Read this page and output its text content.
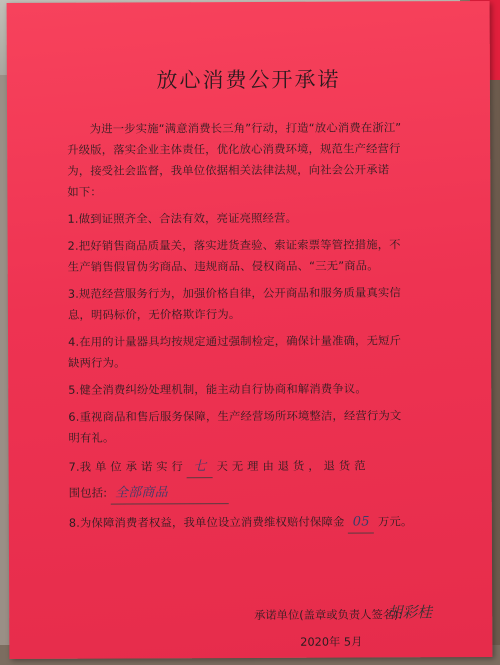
放心消费公开承诺

为进一步实施“满意消费长三角”行动，打造“放心消费在浙江”

升级版，落实企业主体责任，优化放心消费环境，规范生产经营行

为，接受社会监督，我单位依据相关法律法规，向社会公开承诺

如下：

1.做到证照齐全、合法有效，亮证亮照经营。

2.把好销售商品质量关，落实进货查验、索证索票等管控措施，不

生产销售假冒伪劣商品、违规商品、侵权商品、“三无”商品。

3.规范经营服务行为，加强价格自律，公开商品和服务质量真实信

息，明码标价，无价格欺诈行为。

4.在用的计量器具均按规定通过强制检定，确保计量准确，无短斤

缺两行为。

5.健全消费纠纷处理机制，能主动自行协商和解消费争议。

6.重视商品和售后服务保障，生产经营场所环境整洁，经营行为文

明有礼。

7.我 单 位 承 诺 实 行 七 天 无 理 由 退 货 ， 退 货 范

围包括: 全部商品

8.为保障消费者权益，我单位设立消费维权赔付保障金 05 万元。

承诺单位(盖章或负责人签名):
胡彩桂
2020年 5月
